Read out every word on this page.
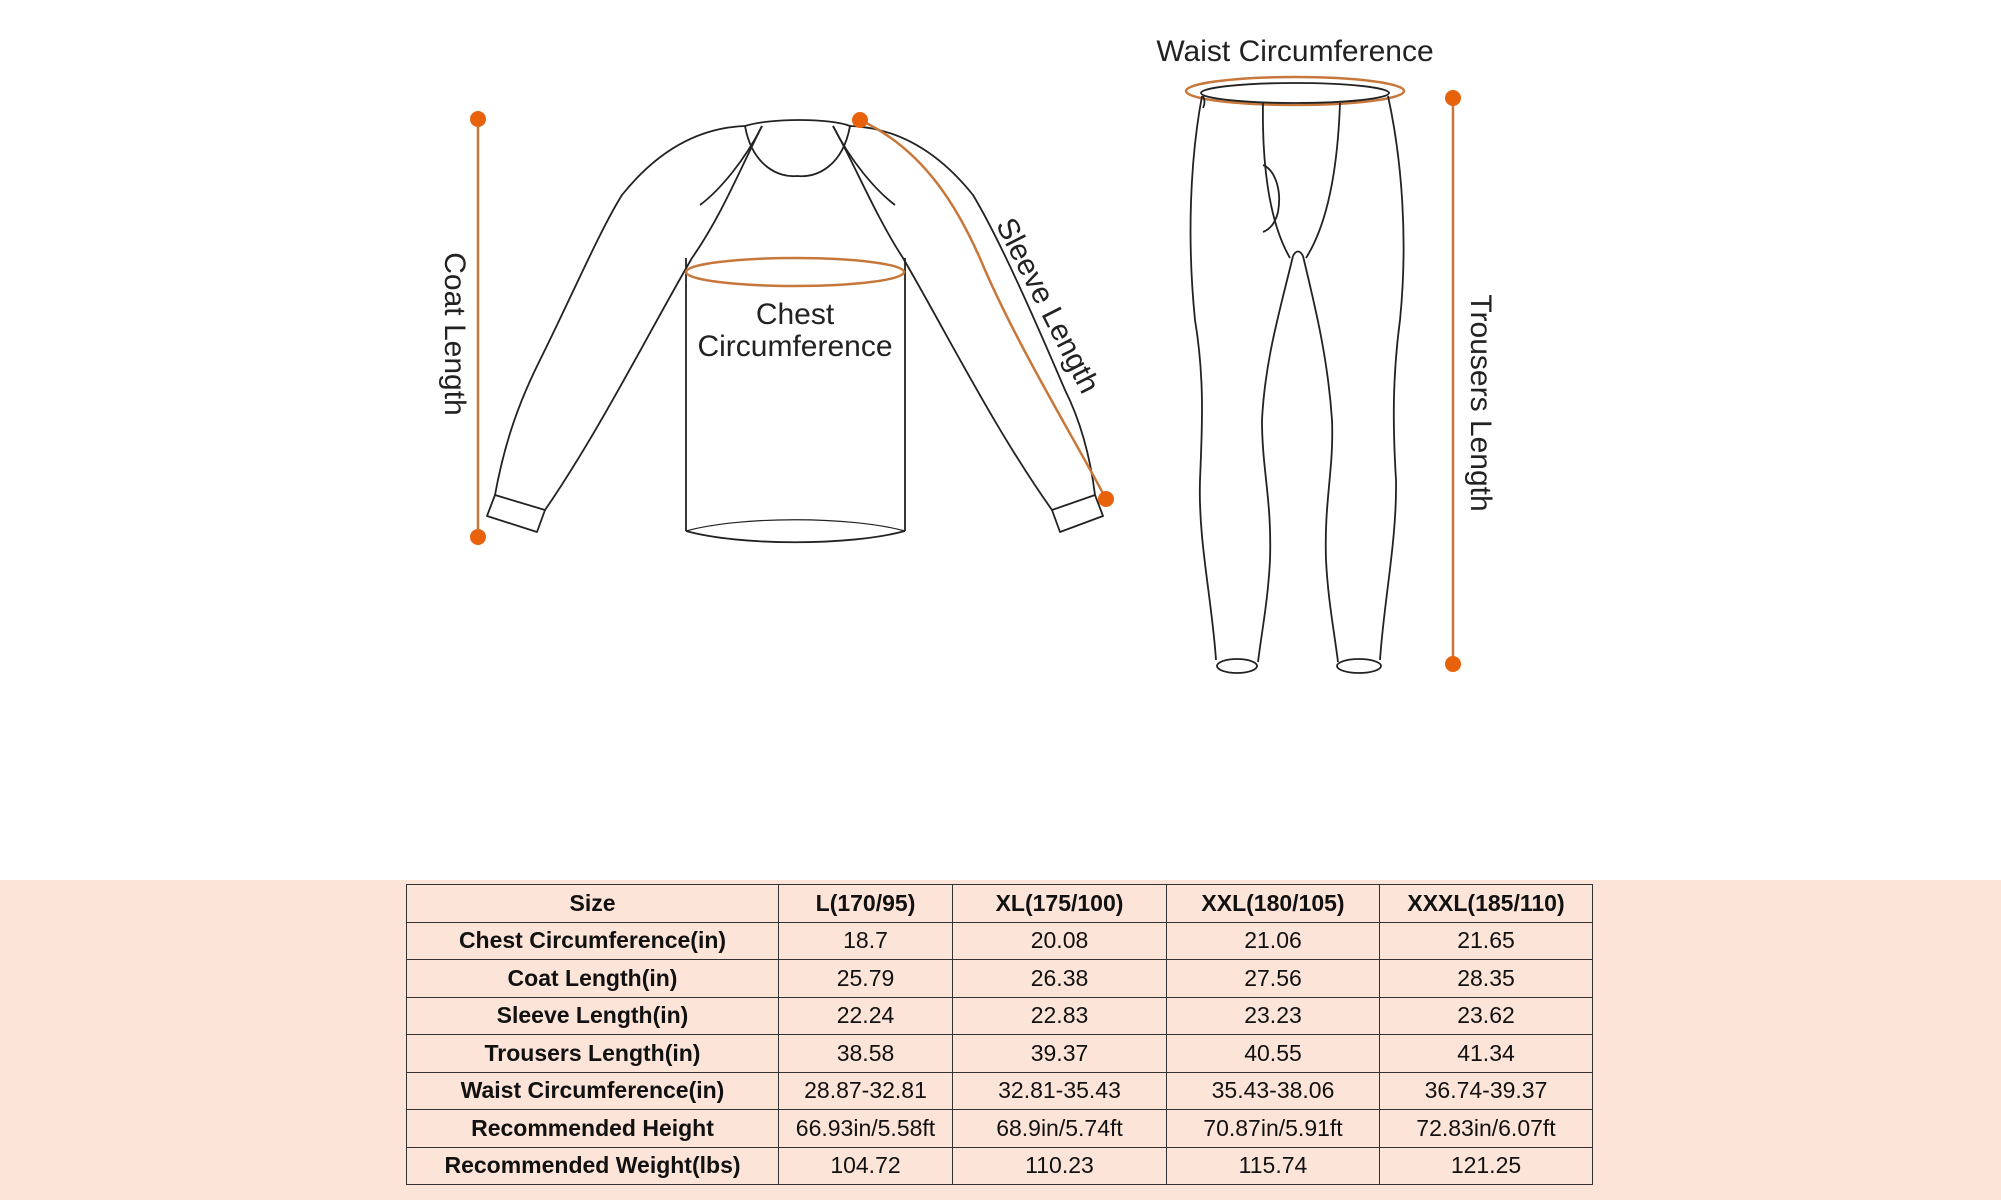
Coat Length	Chest
Circumference	Sleeve Length
Waist Circumference
Trousers Length
Size	L(170/95)	XL(175/100)	XXL(180/105)	XXXL(185/110)
Chest Circumference(in)	18.7	20.08	21.06	21.65
Coat Length(in)	25.79	26.38	27.56	28.35
Sleeve Length(in)	22.24	22.83	23.23	23.62
Trousers Length(in)	38.58	39.37	40.55	41.34
Waist Circumference(in)	28.87-32.81	32.81-35.43	35.43-38.06	36.74-39.37
Recommended Height	66.93in/5.58ft	68.9in/5.74ft	70.87in/5.91ft	72.83in/6.07ft
Recommended Weight(lbs)	104.72	110.23	115.74	121.25
